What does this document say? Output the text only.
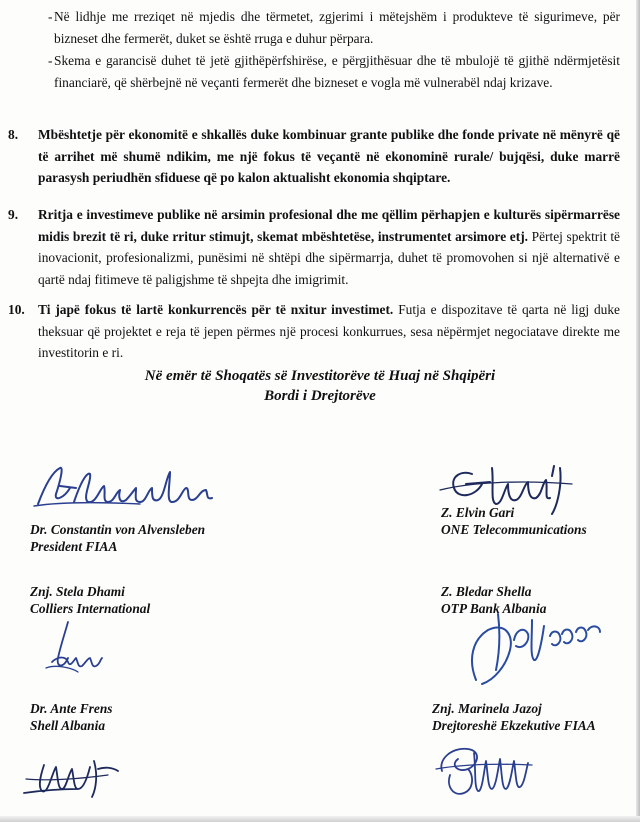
- Në lidhje me rreziqet në mjedis dhe tërmetet, zgjerimi i mëtejshëm i produkteve të sigurimeve, për bizneset dhe fermerët, duket se është rruga e duhur përpara.

- Skema e garancisë duhet të jetë gjithëpërfshirëse, e përgjithësuar dhe të mbulojë të gjithë ndërmjetësit financiarë, që shërbejnë në veçanti fermerët dhe bizneset e vogla më vulnerabël ndaj krizave.

8. Mbështetje për ekonomitë e shkallës duke kombinuar grante publike dhe fonde private në mënyrë që të arrihet më shumë ndikim, me një fokus të veçantë në ekonominë rurale/ bujqësi, duke marrë parasysh periudhën sfiduese që po kalon aktualisht ekonomia shqiptare.

9. Rritja e investimeve publike në arsimin profesional dhe me qëllim përhapjen e kulturës sipërmarrëse midis brezit të ri, duke rritur stimujt, skemat mbështetëse, instrumentet arsimore etj. Përtej spektrit të inovacionit, profesionalizmi, punësimi në shtëpi dhe sipërmarrja, duhet të promovohen si një alternativë e qartë ndaj fitimeve të paligjshme të shpejta dhe imigrimit.

10. Ti japë fokus të lartë konkurrencës për të nxitur investimet. Futja e dispozitave të qarta në ligj duke theksuar që projektet e reja të jepen përmes një procesi konkurrues, sesa nëpërmjet negociatave direkte me investitorin e ri.

Në emër të Shoqatës së Investitorëve të Huaj në Shqipëri
Bordi i Drejtorëve
Dr. Constantin von Alvensleben
President FIAA
Z. Elvin Gari
ONE Telecommunications
Znj. Stela Dhami
Colliers International
Z. Bledar Shella
OTP Bank Albania
Dr. Ante Frens
Shell Albania
Znj. Marinela Jazoj
Drejtoreshë Ekzekutive FIAA
